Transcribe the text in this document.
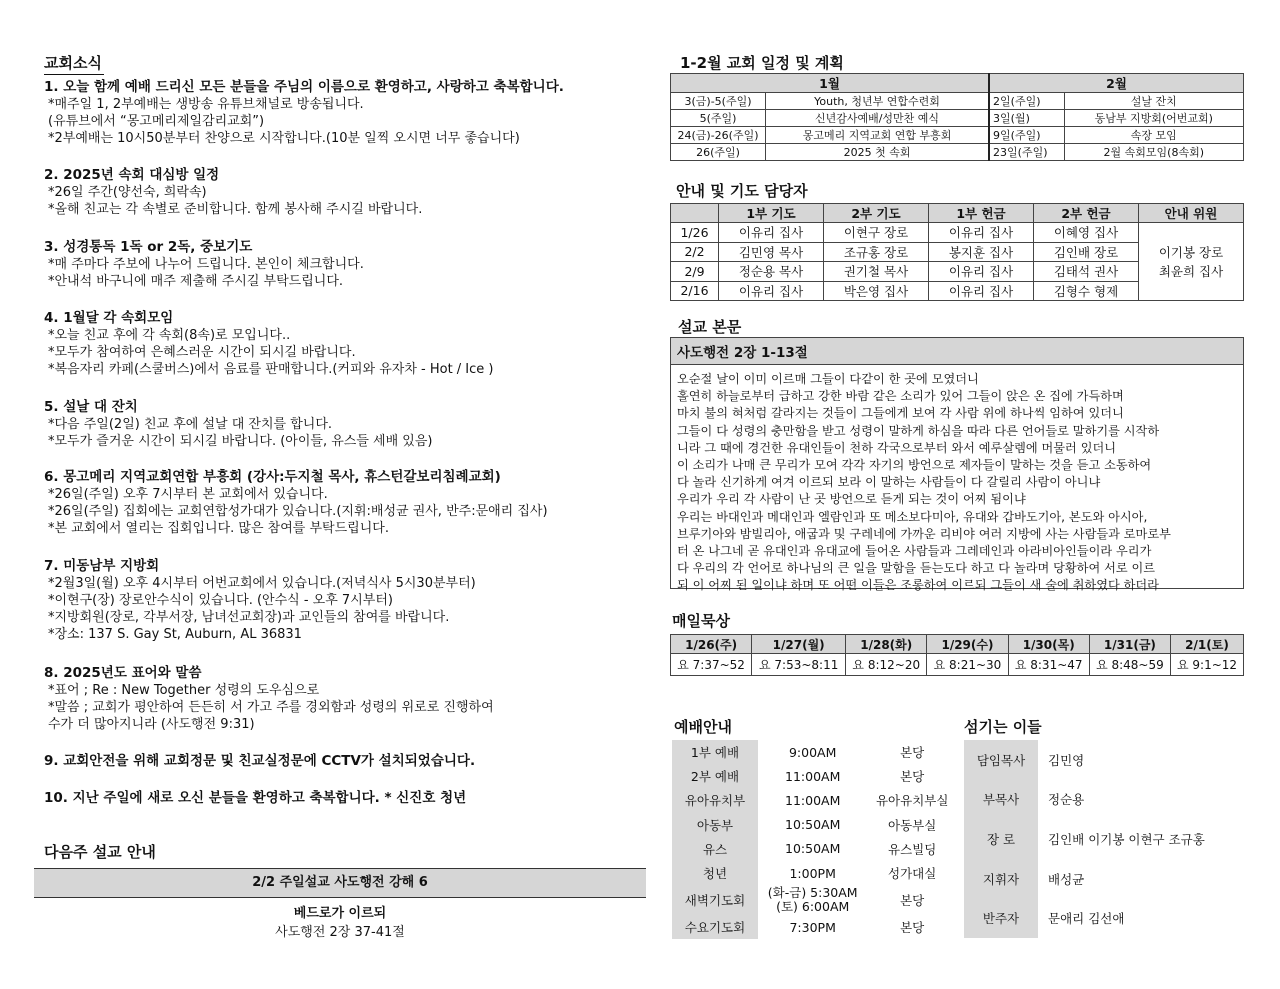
교회소식
1. 오늘 함께 예배 드리신 모든 분들을 주님의 이름으로 환영하고, 사랑하고 축복합니다.
*매주일 1, 2부예배는 생방송 유튜브채널로 방송됩니다.
(유튜브에서 “몽고메리제일감리교회”)
*2부예배는 10시50분부터 찬양으로 시작합니다.(10분 일찍 오시면 너무 좋습니다)
2. 2025년 속회 대심방 일정
*26일 주간(양선숙, 희락속)
*올해 친교는 각 속별로 준비합니다. 함께 봉사해 주시길 바랍니다.
3. 성경통독 1독 or 2독, 중보기도
*매 주마다 주보에 나누어 드립니다. 본인이 체크합니다.
*안내석 바구니에 매주 제출해 주시길 부탁드립니다.
4. 1월달 각 속회모임
*오늘 친교 후에 각 속회(8속)로 모입니다..
*모두가 참여하여 은혜스러운 시간이 되시길 바랍니다.
*복음자리 카페(스쿨버스)에서 음료를 판매합니다.(커피와 유자차 - Hot / Ice )
5. 설날 대 잔치
*다음 주일(2일) 친교 후에 설날 대 잔치를 합니다.
*모두가 즐거운 시간이 되시길 바랍니다. (아이들, 유스들 세배 있음)
6. 몽고메리 지역교회연합 부흥회 (강사:두지철 목사, 휴스턴갈보리침례교회)
*26일(주일) 오후 7시부터 본 교회에서 있습니다.
*26일(주일) 집회에는 교회연합성가대가 있습니다.(지휘:배성균 권사, 반주:문애리 집사)
*본 교회에서 열리는 집회입니다. 많은 참여를 부탁드립니다.
7. 미동남부 지방회
*2월3일(월) 오후 4시부터 어번교회에서 있습니다.(저녁식사 5시30분부터)
*이현구(장) 장로안수식이 있습니다. (안수식 - 오후 7시부터)
*지방회원(장로, 각부서장, 남녀선교회장)과 교인들의 참여를 바랍니다.
*장소: 137 S. Gay St, Auburn, AL 36831
8. 2025년도 표어와 말씀
*표어 ; Re : New Together 성령의 도우심으로
*말씀 ; 교회가 평안하여 든든히 서 가고 주를 경외함과 성령의 위로로 진행하여
수가 더 많아지니라 (사도행전 9:31)
9. 교회안전을 위해 교회정문 및 친교실정문에 CCTV가 설치되었습니다.
10. 지난 주일에 새로 오신 분들을 환영하고 축복합니다. * 신진호 청년
다음주 설교 안내
2/2 주일설교 사도행전 강해 6
베드로가 이르되
사도행전 2장 37-41절
1-2월 교회 일정 및 계획
1월		2월	
3(금)-5(주일)	Youth, 청년부 연합수련회	2일(주일)	설날 잔치
5(주일)	신년감사예배/성만찬 예식	3일(월)	동남부 지방회(어번교회)
24(금)-26(주일)	몽고메리 지역교회 연합 부흥회	9일(주일)	속장 모임
26(주일)	2025 첫 속회	23일(주일)	2월 속회모임(8속회)
안내 및 기도 담당자
	1부 기도	2부 기도	1부 헌금	2부 헌금	안내 위원
1/26	이유리 집사	이현구 장로	이유리 집사	이혜영 집사	이기봉 장로
최윤희 집사

2/2	김민영 목사	조규홍 장로	봉지훈 집사	김인배 장로	
2/9	정순용 목사	권기철 목사	이유리 집사	김태석 권사	
2/16	이유리 집사	박은영 집사	이유리 집사	김형수 형제	
설교 본문
사도행전 2장 1-13절
오순절 날이 이미 이르매 그들이 다같이 한 곳에 모였더니
홀연히 하늘로부터 급하고 강한 바람 같은 소리가 있어 그들이 앉은 온 집에 가득하며
마치 불의 혀처럼 갈라지는 것들이 그들에게 보여 각 사람 위에 하나씩 임하여 있더니
그들이 다 성령의 충만함을 받고 성령이 말하게 하심을 따라 다른 언어들로 말하기를 시작하
니라 그 때에 경건한 유대인들이 천하 각국으로부터 와서 예루살렘에 머물러 있더니
이 소리가 나매 큰 무리가 모여 각각 자기의 방언으로 제자들이 말하는 것을 듣고 소동하여
다 놀라 신기하게 여겨 이르되 보라 이 말하는 사람들이 다 갈릴리 사람이 아니냐
우리가 우리 각 사람이 난 곳 방언으로 듣게 되는 것이 어찌 됨이냐
우리는 바대인과 메대인과 엘람인과 또 메소보다미아, 유대와 갑바도기아, 본도와 아시아,
브루기아와 밤빌리아, 애굽과 및 구레네에 가까운 리비야 여러 지방에 사는 사람들과 로마로부
터 온 나그네 곧 유대인과 유대교에 들어온 사람들과 그레데인과 아라비아인들이라 우리가
다 우리의 각 언어로 하나님의 큰 일을 말함을 듣는도다 하고 다 놀라며 당황하여 서로 이르
되 이 어찌 된 일이냐 하며 또 어떤 이들은 조롱하여 이르되 그들이 새 술에 취하였다 하더라
매일묵상
1/26(주)	1/27(월)	1/28(화)	1/29(수)	1/30(목)	1/31(금)	2/1(토)
요 7:37~52	요 7:53~8:11	요 8:12~20	요 8:21~30	요 8:31~47	요 8:48~59	요 9:1~12
예배안내
1부 예배	9:00AM	본당
2부 예배	11:00AM	본당
유아유치부	11:00AM	유아유치부실
아동부	10:50AM	아동부실
유스	10:50AM	유스빌딩
청년	1:00PM	성가대실
새벽기도회	(화-금) 5:30AM
(토) 6:00AM	본당
수요기도회	7:30PM	본당
섬기는 이들
담임목사	김민영
부목사	정순용
장 로	김인배 이기봉 이현구 조규홍
지휘자	배성균
반주자	문애리 김선애
